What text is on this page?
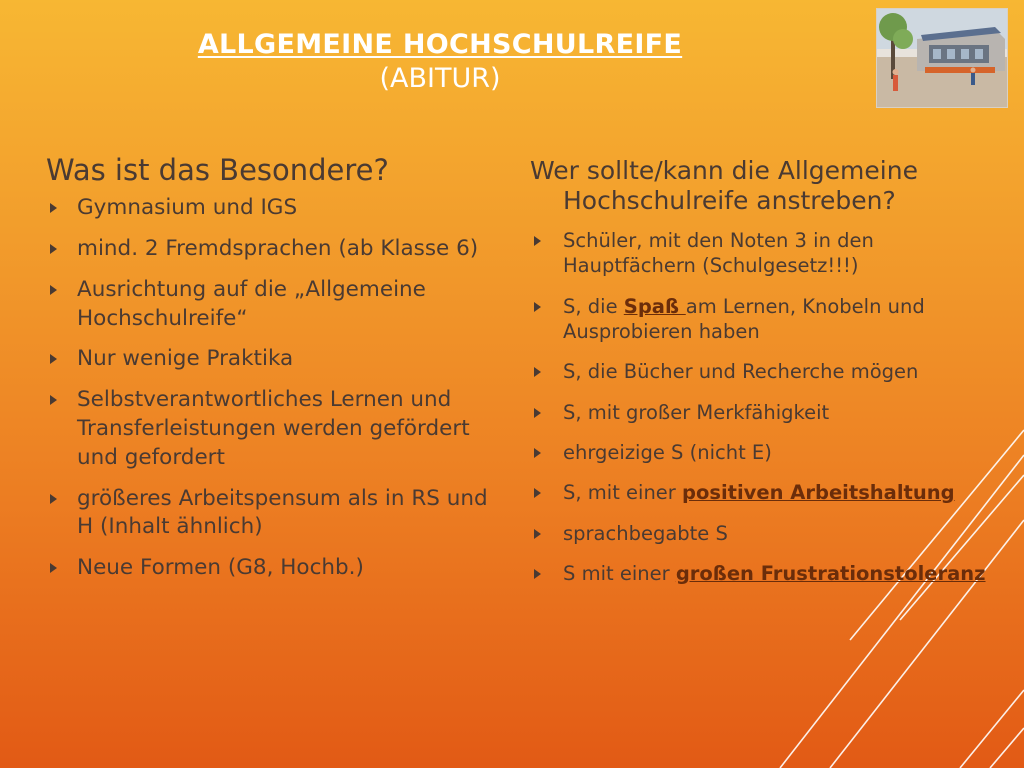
ALLGEMEINE HOCHSCHULREIFE
(ABITUR)
Was ist das Besondere?
Gymnasium und IGS
mind. 2 Fremdsprachen (ab Klasse 6)
Ausrichtung auf die „Allgemeine Hochschulreife“
Nur wenige Praktika
Selbstverantwortliches Lernen und Transferleistungen werden gefördert und gefordert
größeres Arbeitspensum als in RS und H (Inhalt ähnlich)
Neue Formen (G8, Hochb.)
Wer sollte/kann die Allgemeine
Hochschulreife anstreben?
Schüler, mit den Noten 3 in den Hauptfächern (Schulgesetz!!!)
S, die Spaß am Lernen, Knobeln und Ausprobieren haben
S, die Bücher und Recherche mögen
S, mit großer Merkfähigkeit
ehrgeizige S (nicht E)
S, mit einer positiven Arbeitshaltung
sprachbegabte S
S mit einer großen Frustrationstoleranz
